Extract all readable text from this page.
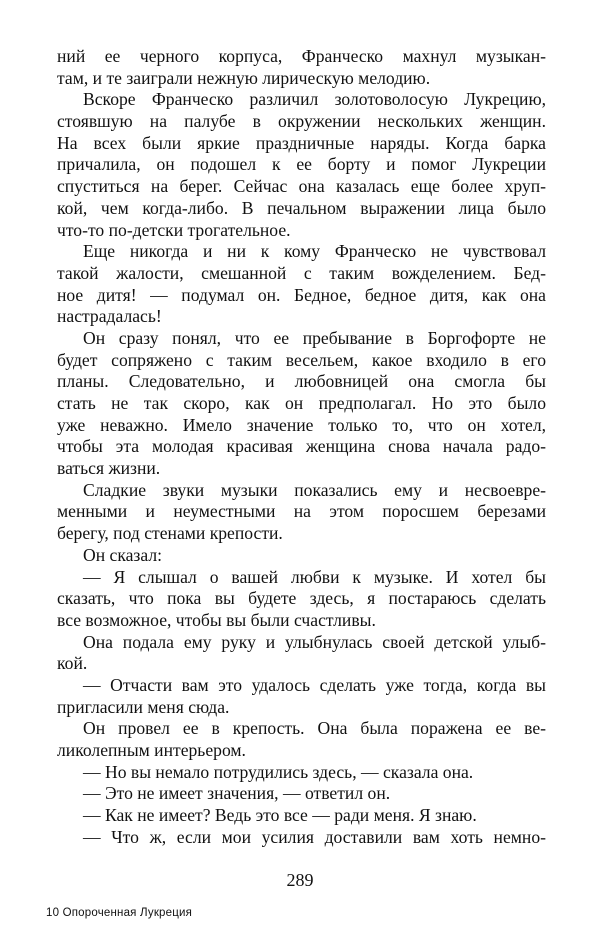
ний ее черного корпуса, Франческо махнул музыкан-
там, и те заиграли нежную лирическую мелодию.
Вскоре Франческо различил золотоволосую Лукрецию,
стоявшую на палубе в окружении нескольких женщин.
На всех были яркие праздничные наряды. Когда барка
причалила, он подошел к ее борту и помог Лукреции
спуститься на берег. Сейчас она казалась еще более хруп-
кой, чем когда-либо. В печальном выражении лица было
что-то по-детски трогательное.
Еще никогда и ни к кому Франческо не чувствовал
такой жалости, смешанной с таким вожделением. Бед-
ное дитя! — подумал он. Бедное, бедное дитя, как она
настрадалась!
Он сразу понял, что ее пребывание в Боргофорте не
будет сопряжено с таким весельем, какое входило в его
планы. Следовательно, и любовницей она смогла бы
стать не так скоро, как он предполагал. Но это было
уже неважно. Имело значение только то, что он хотел,
чтобы эта молодая красивая женщина снова начала радо-
ваться жизни.
Сладкие звуки музыки показались ему и несвоевре-
менными и неуместными на этом поросшем березами
берегу, под стенами крепости.
Он сказал:
— Я слышал о вашей любви к музыке. И хотел бы
сказать, что пока вы будете здесь, я постараюсь сделать
все возможное, чтобы вы были счастливы.
Она подала ему руку и улыбнулась своей детской улыб-
кой.
— Отчасти вам это удалось сделать уже тогда, когда вы
пригласили меня сюда.
Он провел ее в крепость. Она была поражена ее ве-
ликолепным интерьером.
— Но вы немало потрудились здесь, — сказала она.
— Это не имеет значения, — ответил он.
— Как не имеет? Ведь это все — ради меня. Я знаю.
— Что ж, если мои усилия доставили вам хоть немно-
289
10 Опороченная Лукреция
